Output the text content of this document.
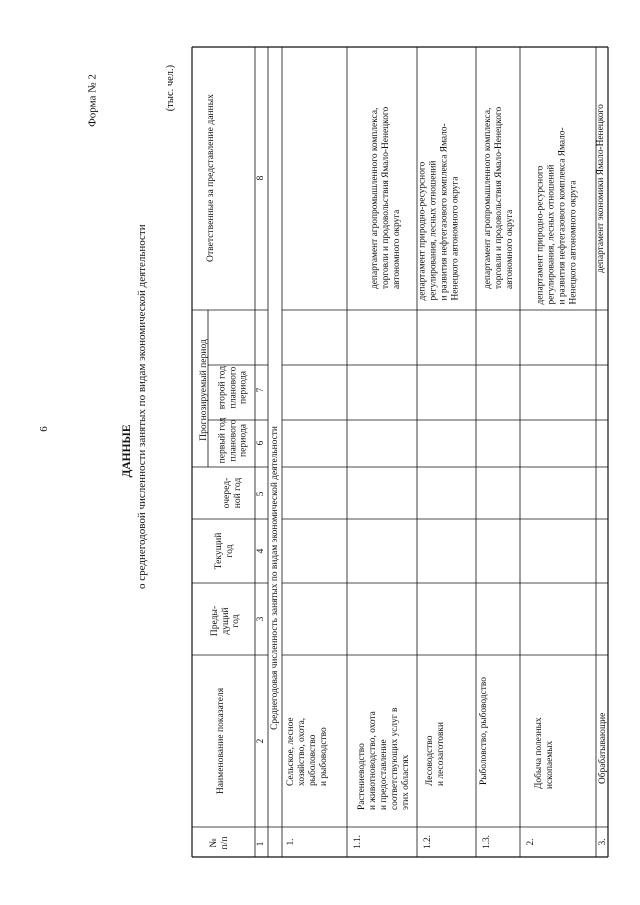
6
Форма № 2
ДАННЫЕ о среднегодовой численности занятых по видам экономической деятельности
(тыс. чел.)
№ п/п
Наименование показателя
Преды- дущий год
Текущий год
Прогнозируемый период
очеред- ной год
первый год планового периода
второй год планового периода
Ответственные за представление данных
1
2
3
4
5
6
7
8
Среднегодовая численность занятых по видам экономической деятельности
1.
Сельское, лесное хозяйство, охота, рыболовство и рыбоводство
1.1.
Растениеводство и животноводство, охота и предоставление соответствующих услуг в этих областях
департамент агропромышленного комплекса, торговли и продовольствия Ямало-Ненецкого автономного округа
1.2.
Лесоводство и лесозаготовки
департамент природно-ресурсного регулирования, лесных отношений и развития нефтегазового комплекса Ямало- Ненецкого автономного округа
1.3.
Рыболовство, рыбоводство
департамент агропромышленного комплекса, торговли и продовольствия Ямало-Ненецкого автономного округа
2.
Добыча полезных ископаемых
департамент природно-ресурсного регулирования, лесных отношений и развития нефтегазового комплекса Ямало- Ненецкого автономного округа
3.
Обрабатывающие
департамент экономики Ямало-Ненецкого
